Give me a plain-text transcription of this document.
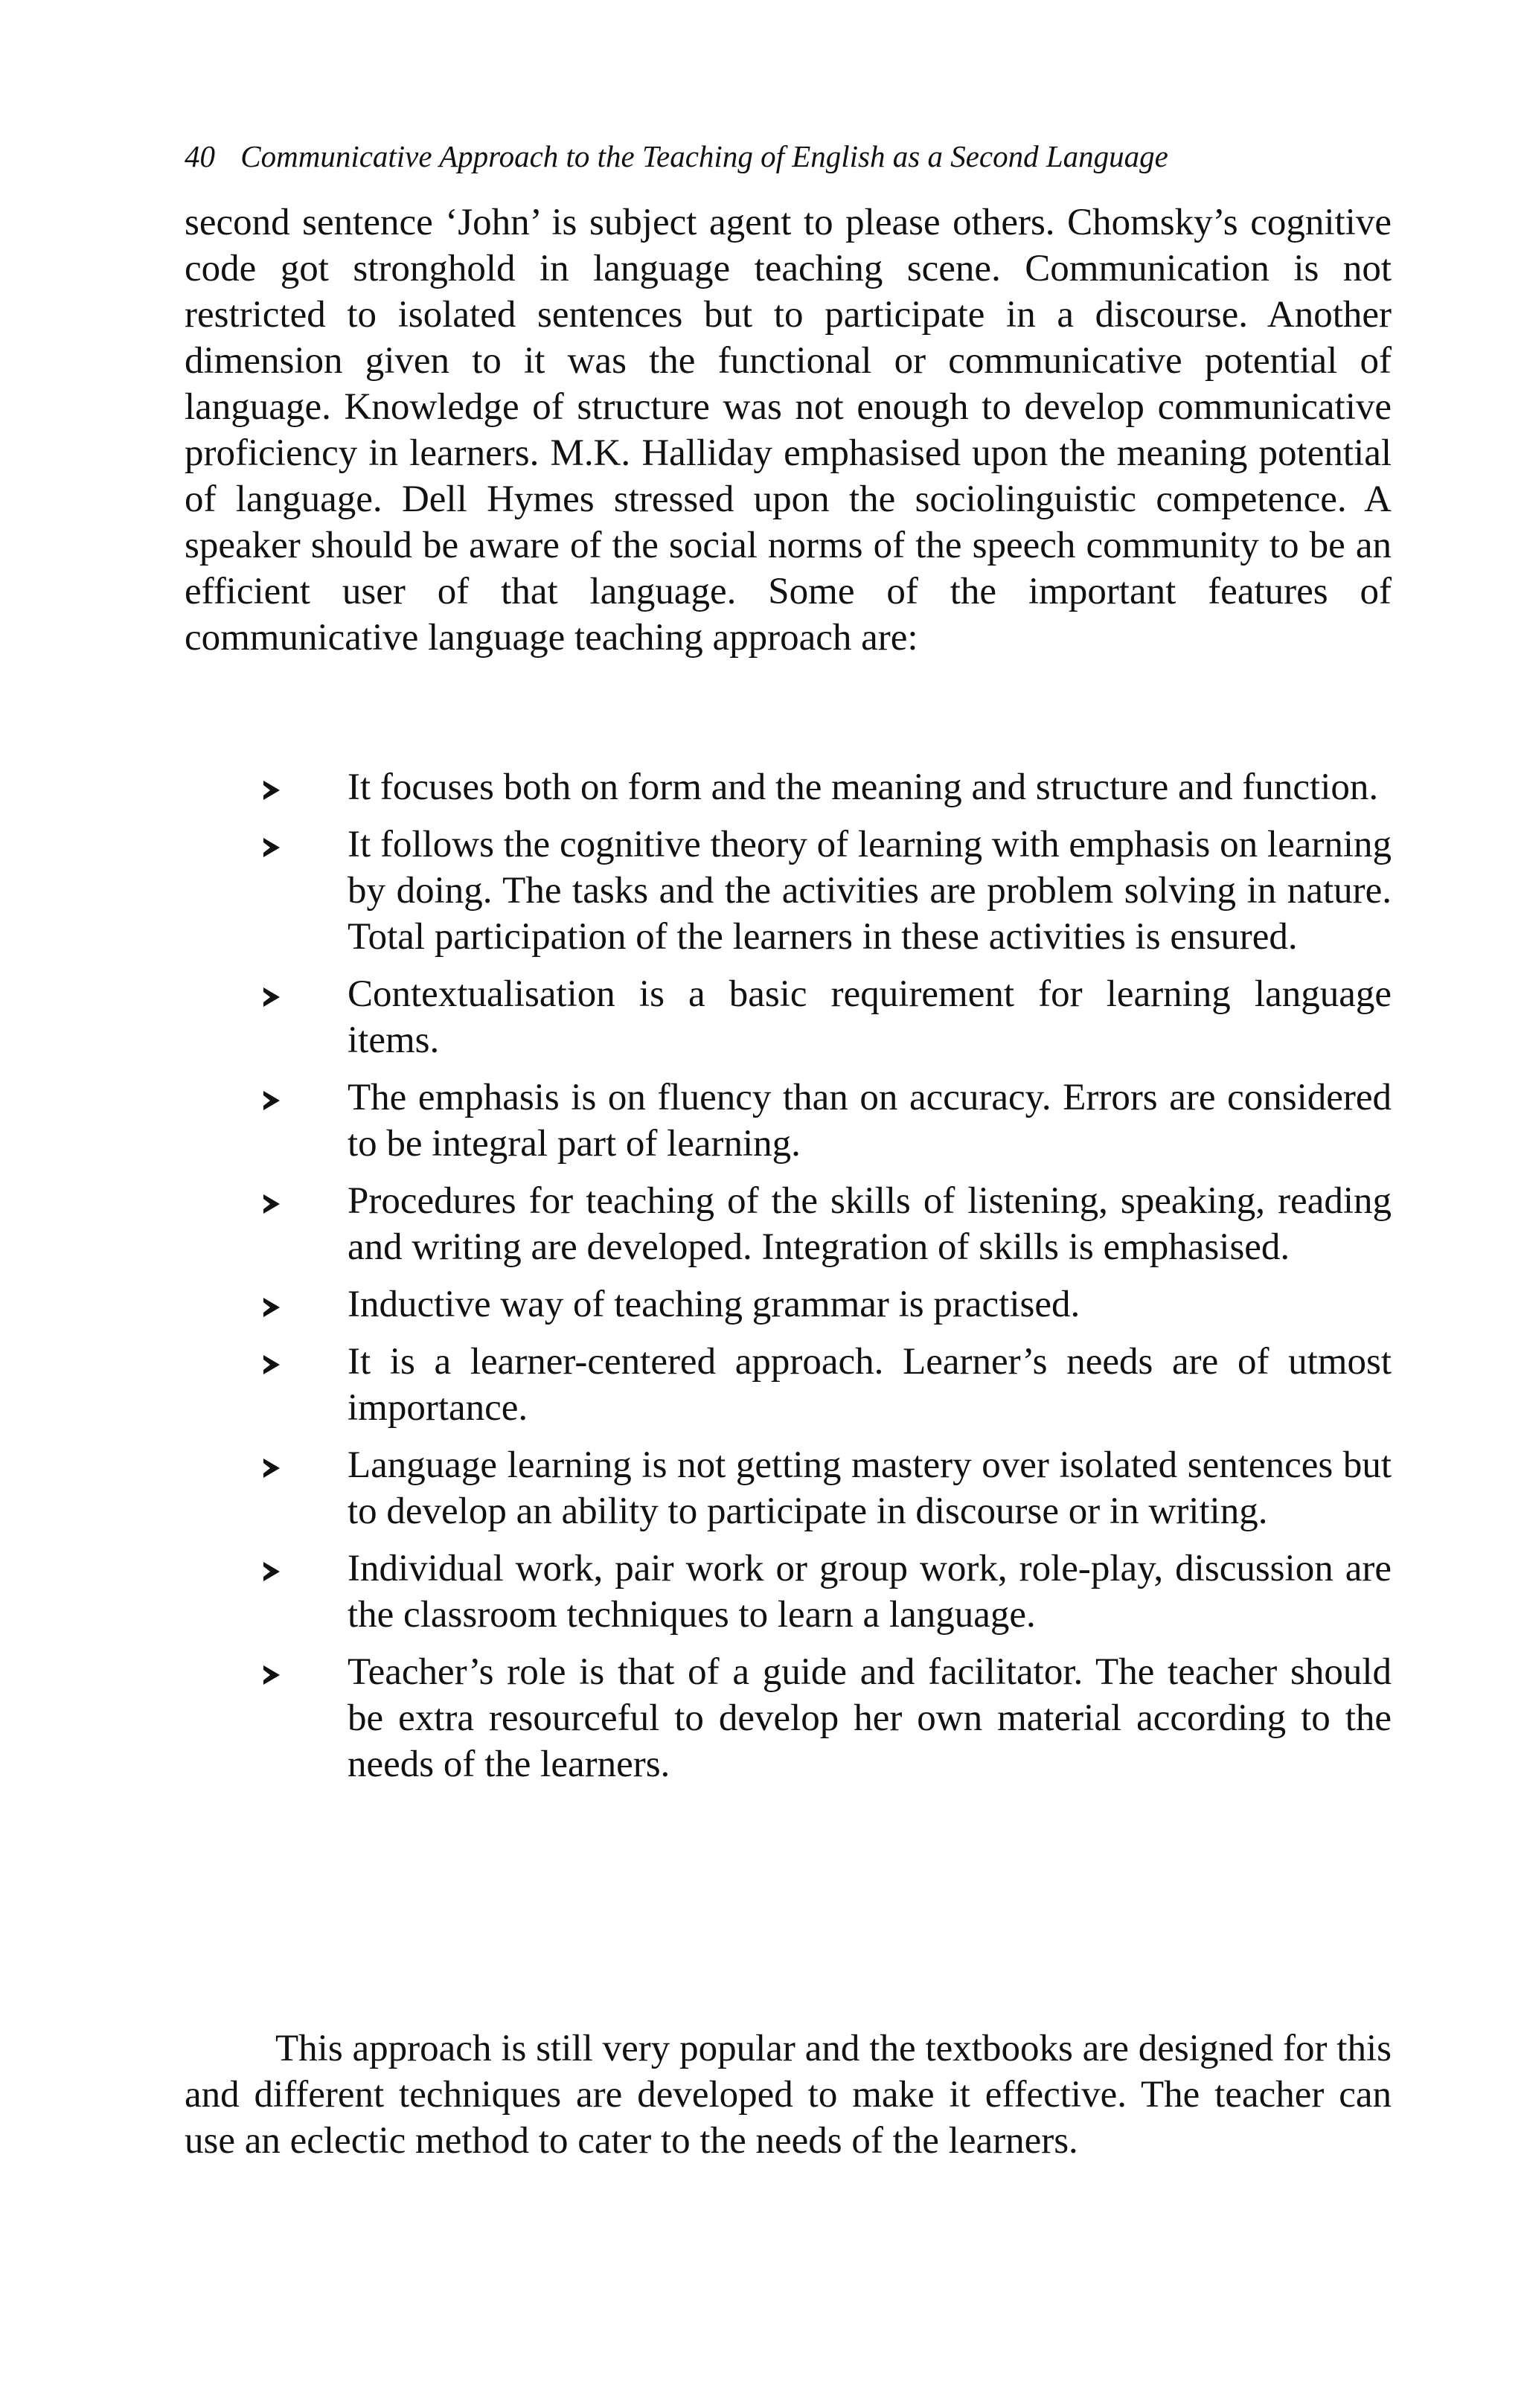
40 Communicative Approach to the Teaching of English as a Second Language

second sentence ‘John’ is subject agent to please others. Chomsky’s cognitive code got stronghold in language teaching scene. Communication is not restricted to isolated sentences but to participate in a discourse. Another dimension given to it was the functional or communicative potential of language. Knowledge of structure was not enough to develop communicative proficiency in learners. M.K. Halliday emphasised upon the meaning potential of language. Dell Hymes stressed upon the sociolinguistic competence. A speaker should be aware of the social norms of the speech community to be an efficient user of that language. Some of the important features of communicative language teaching approach are:

It focuses both on form and the meaning and structure and function.
It follows the cognitive theory of learning with emphasis on learning by doing. The tasks and the activities are problem solving in nature. Total participation of the learners in these activities is ensured.
Contextualisation is a basic requirement for learning language items.
The emphasis is on fluency than on accuracy. Errors are considered to be integral part of learning.
Procedures for teaching of the skills of listening, speaking, reading and writing are developed. Integration of skills is emphasised.
Inductive way of teaching grammar is practised.
It is a learner-centered approach. Learner’s needs are of utmost importance.
Language learning is not getting mastery over isolated sentences but to develop an ability to participate in discourse or in writing.
Individual work, pair work or group work, role-play, discussion are the classroom techniques to learn a language.
Teacher’s role is that of a guide and facilitator. The teacher should be extra resourceful to develop her own material according to the needs of the learners.

This approach is still very popular and the textbooks are designed for this and different techniques are developed to make it effective. The teacher can use an eclectic method to cater to the needs of the learners.
